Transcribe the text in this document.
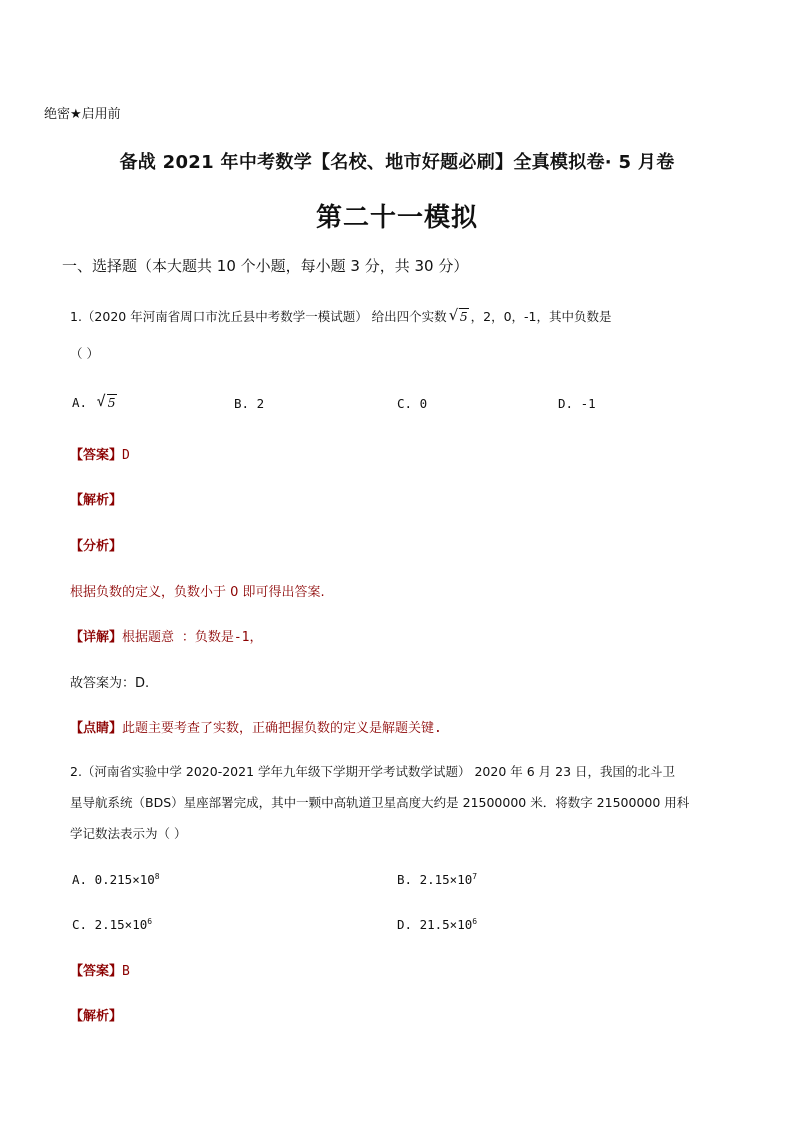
绝密★启用前
备战 2021 年中考数学【名校、地市好题必刷】全真模拟卷· 5 月卷
第二十一模拟
一、选择题（本大题共 10 个小题，每小题 3 分，共 30 分）
1.（2020 年河南省周口市沈丘县中考数学一模试题） 给出四个实数 √ 5 ，2，0，-1，其中负数是
（ ）
A. √ 5	B. 2	C. 0	D. -1
【答案】D
【解析】
【分析】
根据负数的定义，负数小于 0 即可得出答案.
【详解】根据题意 ：负数是-1，
故答案为：D.
【点睛】此题主要考查了实数，正确把握负数的定义是解题关键.
2.（河南省实验中学 2020-2021 学年九年级下学期开学考试数学试题） 2020 年 6 月 23 日，我国的北斗卫
星导航系统（BDS）星座部署完成，其中一颗中高轨道卫星高度大约是 21500000 米．将数字 21500000 用科
学记数法表示为（ ）
A. $0.215\times 10^8$	B. $2.15\times 10^7$
C. $2.15\times 10^6$	D. $21.5\times 10^6$
【答案】B
【解析】
